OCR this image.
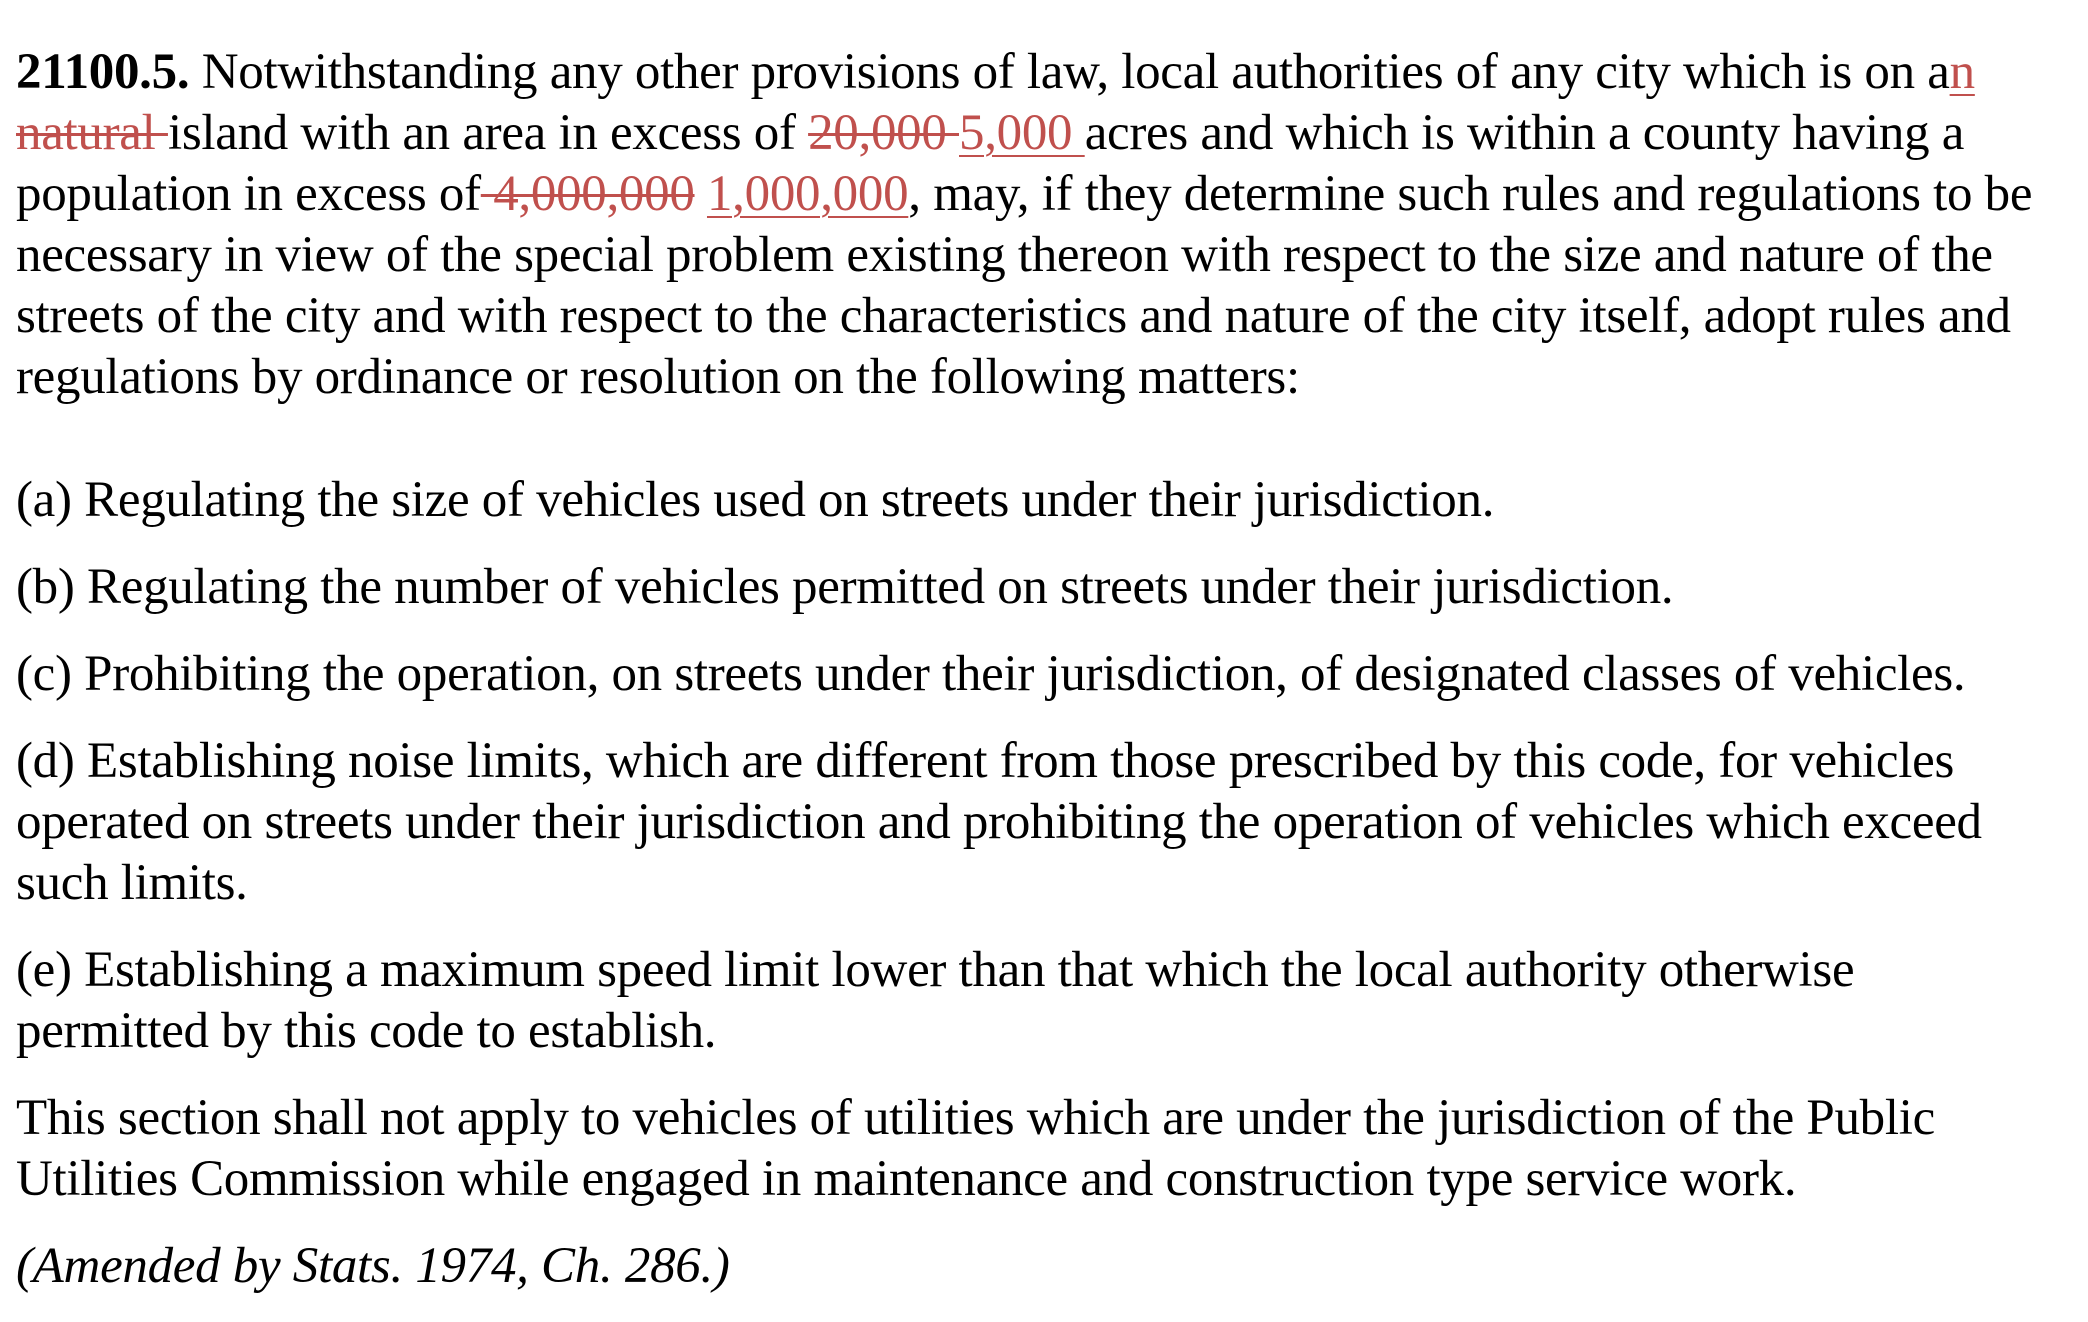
21100.5. Notwithstanding any other provisions of law, local authorities of any city which is on an natural island with an area in excess of 20,000 5,000 acres and which is within a county having a population in excess of 4,000,000 1,000,000, may, if they determine such rules and regulations to be necessary in view of the special problem existing thereon with respect to the size and nature of the streets of the city and with respect to the characteristics and nature of the city itself, adopt rules and regulations by ordinance or resolution on the following matters:
(a) Regulating the size of vehicles used on streets under their jurisdiction.
(b) Regulating the number of vehicles permitted on streets under their jurisdiction.
(c) Prohibiting the operation, on streets under their jurisdiction, of designated classes of vehicles.
(d) Establishing noise limits, which are different from those prescribed by this code, for vehicles operated on streets under their jurisdiction and prohibiting the operation of vehicles which exceed such limits.
(e) Establishing a maximum speed limit lower than that which the local authority otherwise permitted by this code to establish.
This section shall not apply to vehicles of utilities which are under the jurisdiction of the Public Utilities Commission while engaged in maintenance and construction type service work.
(Amended by Stats. 1974, Ch. 286.)
